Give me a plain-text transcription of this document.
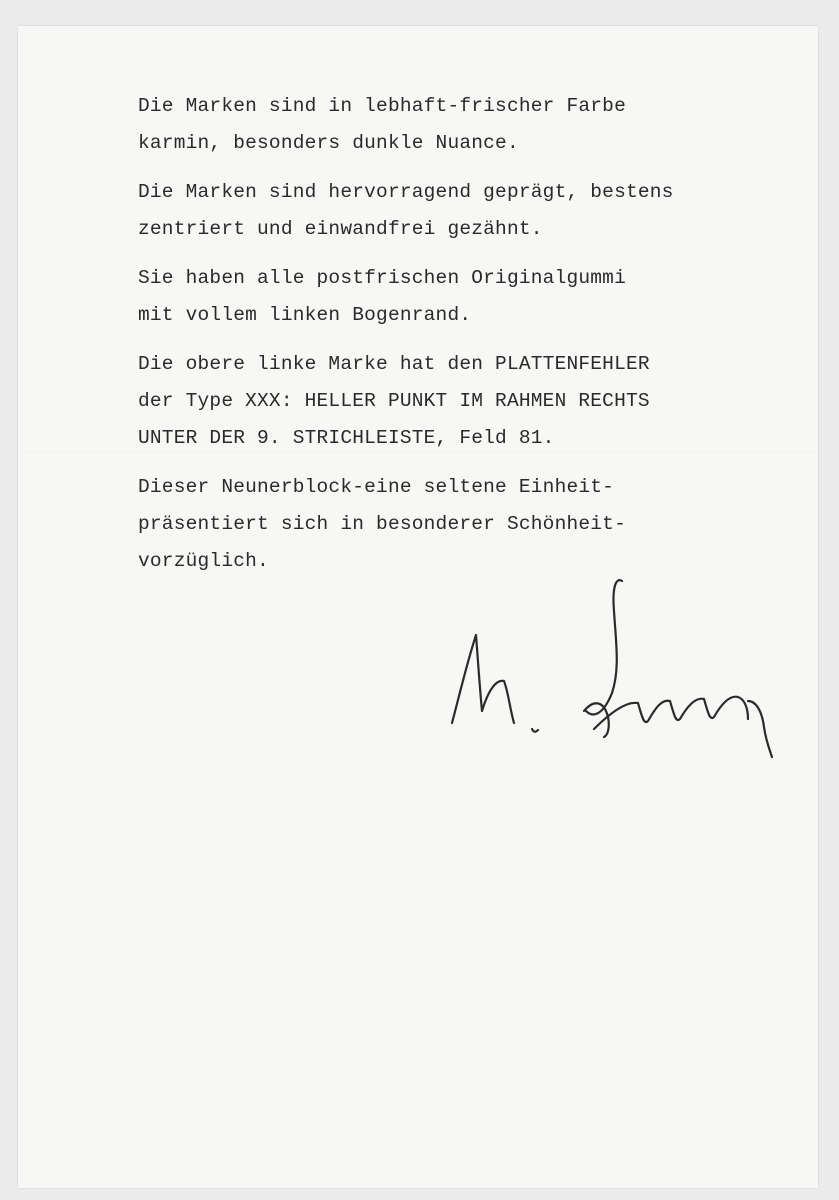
Die Marken sind in lebhaft-frischer Farbe
karmin, besonders dunkle Nuance.

Die Marken sind hervorragend geprägt, bestens
zentriert und einwandfrei gezähnt.

Sie haben alle postfrischen Originalgummi
mit vollem linken Bogenrand.

Die obere linke Marke hat den PLATTENFEHLER
der Type XXX: HELLER PUNKT IM RAHMEN RECHTS
UNTER DER 9. STRICHLEISTE, Feld 81.

Dieser Neunerblock-eine seltene Einheit-
präsentiert sich in besonderer Schönheit-
vorzüglich.
